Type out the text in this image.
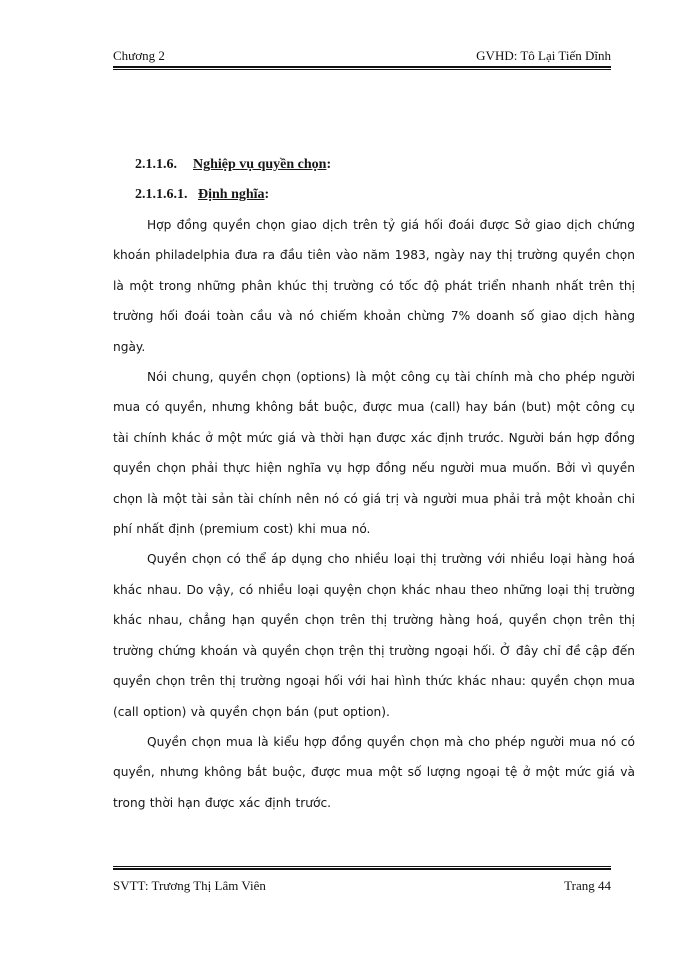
Chương 2	GVHD: Tô Lại Tiến Dĩnh
2.1.1.6. Nghiệp vụ quyền chọn:
2.1.1.6.1. Định nghĩa:

Hợp đồng quyền chọn giao dịch trên tỷ giá hối đoái được Sở giao dịch chứng khoán philadelphia đưa ra đầu tiên vào năm 1983, ngày nay thị trường quyền chọn là một trong những phân khúc thị trường có tốc độ phát triển nhanh nhất trên thị trường hối đoái toàn cầu và nó chiếm khoản chừng 7% doanh số giao dịch hàng ngày.

Nói chung, quyền chọn (options) là một công cụ tài chính mà cho phép người mua có quyền, nhưng không bắt buộc, được mua (call) hay bán (but) một công cụ tài chính khác ở một mức giá và thời hạn được xác định trước. Người bán hợp đồng quyền chọn phải thực hiện nghĩa vụ hợp đồng nếu người mua muốn. Bởi vì quyền chọn là một tài sản tài chính nên nó có giá trị và người mua phải trả một khoản chi phí nhất định (premium cost) khi mua nó.

Quyền chọn có thể áp dụng cho nhiều loại thị trường với nhiều loại hàng hoá khác nhau. Do vậy, có nhiều loại quyện chọn khác nhau theo những loại thị trường khác nhau, chẳng hạn quyền chọn trên thị trường hàng hoá, quyền chọn trên thị trường chứng khoán và quyền chọn trện thị trường ngoại hối. Ở đây chỉ đề cập đến quyền chọn trên thị trường ngoại hối với hai hình thức khác nhau: quyền chọn mua (call option) và quyền chọn bán (put option).

Quyền chọn mua là kiểu hợp đồng quyền chọn mà cho phép người mua nó có quyền, nhưng không bắt buộc, được mua một số lượng ngoại tệ ở một mức giá và trong thời hạn được xác định trước.

SVTT: Trương Thị Lâm Viên	Trang 44
